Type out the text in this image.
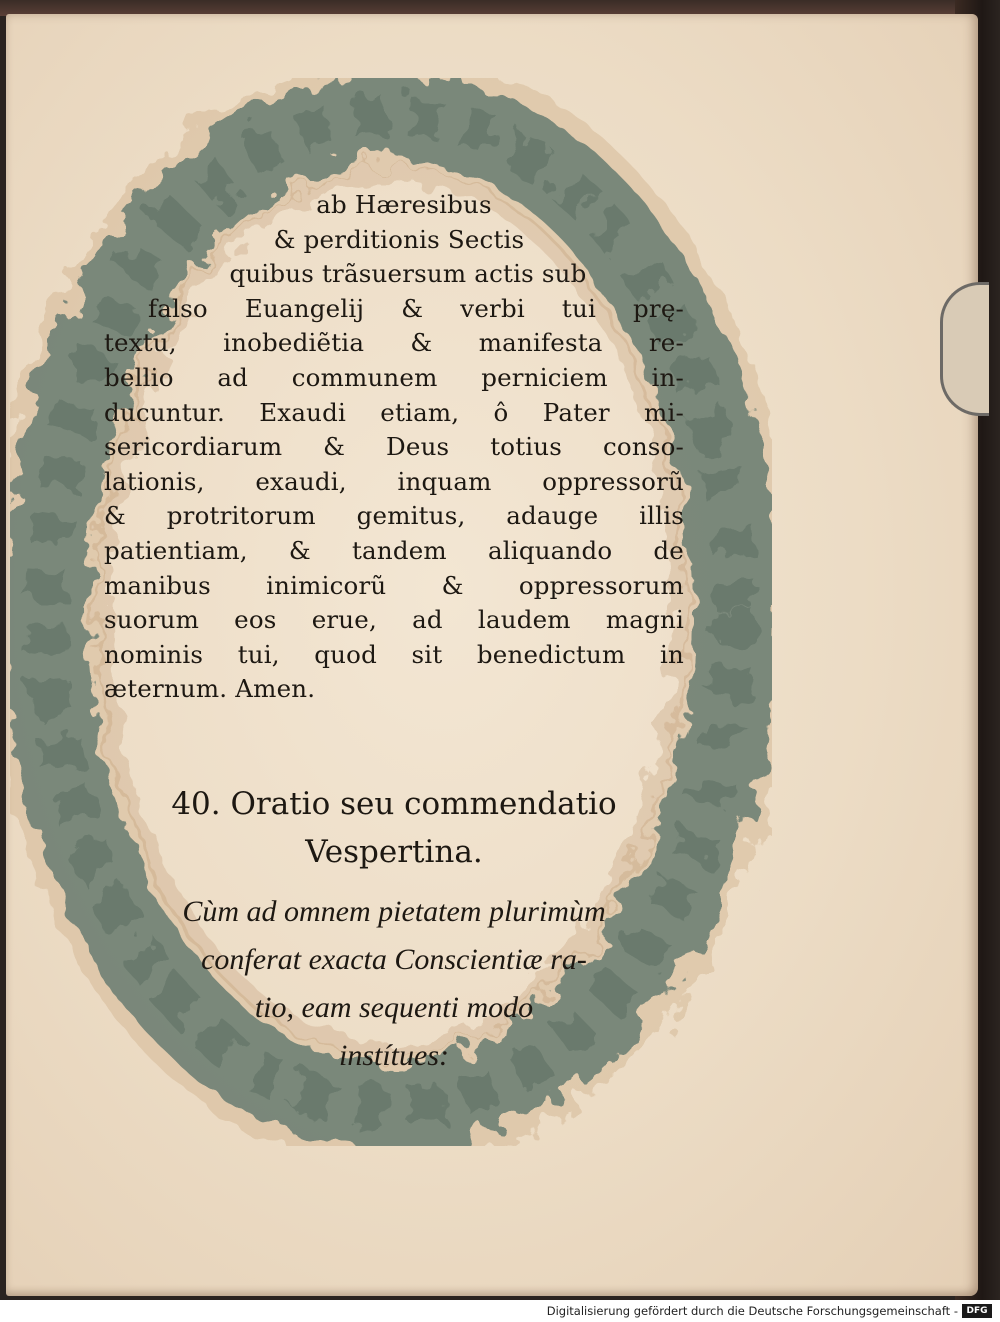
ab Hæresibus
& perditionis Sectis
quibus trãsuersum actis sub
falso Euangelij & verbi tui prę-
textu, inobediẽtia & manifesta re-
bellio ad communem perniciem in-
ducuntur. Exaudi etiam, ô Pater mi-
sericordiarum & Deus totius conso-
lationis, exaudi, inquam oppressorũ
& protritorum gemitus, adauge illis
patientiam, & tandem aliquando de
manibus inimicorũ & oppressorum
suorum eos erue, ad laudem magni
nominis tui, quod sit benedictum in
æternum. Amen.
40. Oratio seu commendatio
Vespertina.
Cùm ad omnem pietatem plurimùm
conferat exacta Conscientiæ ra-
tio, eam sequenti modo
instítues:
Digitalisierung gefördert durch die Deutsche Forschungsgemeinschaft - DFG
